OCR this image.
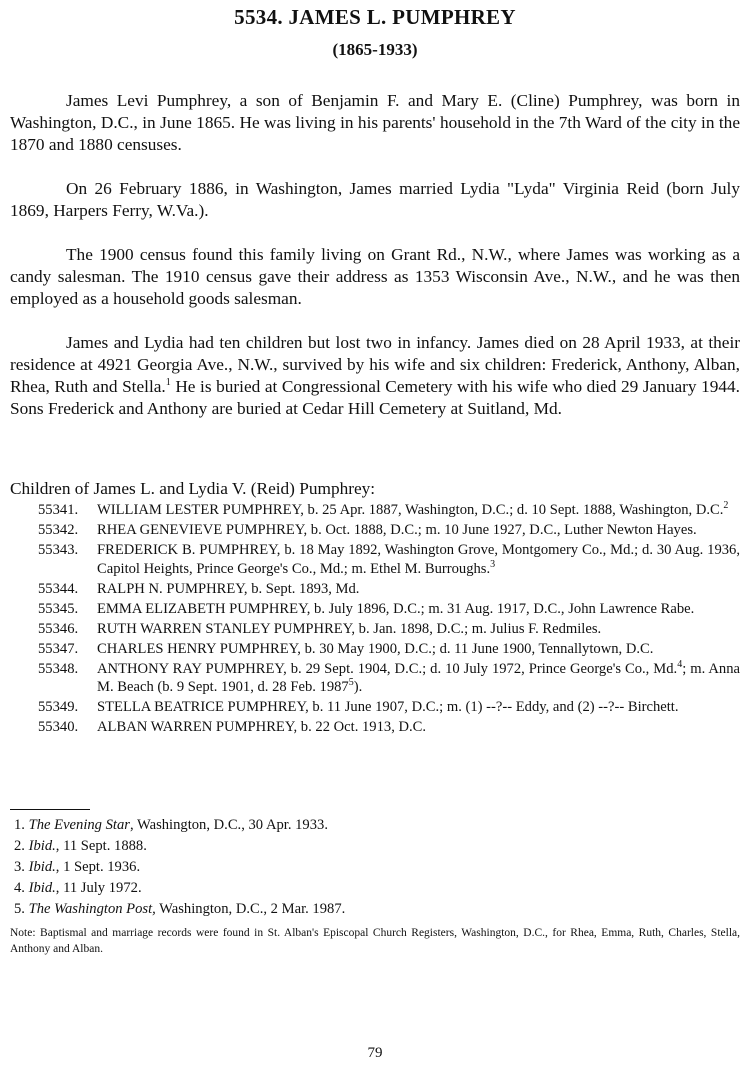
5534. JAMES L. PUMPHREY
(1865-1933)

James Levi Pumphrey, a son of Benjamin F. and Mary E. (Cline) Pumphrey, was born in Washington, D.C., in June 1865. He was living in his parents' household in the 7th Ward of the city in the 1870 and 1880 censuses.

On 26 February 1886, in Washington, James married Lydia "Lyda" Virginia Reid (born July 1869, Harpers Ferry, W.Va.).

The 1900 census found this family living on Grant Rd., N.W., where James was working as a candy salesman. The 1910 census gave their address as 1353 Wisconsin Ave., N.W., and he was then employed as a household goods salesman.

James and Lydia had ten children but lost two in infancy. James died on 28 April 1933, at their residence at 4921 Georgia Ave., N.W., survived by his wife and six children: Frederick, Anthony, Alban, Rhea, Ruth and Stella.$^1$ He is buried at Congressional Cemetery with his wife who died 29 January 1944. Sons Frederick and Anthony are buried at Cedar Hill Cemetery at Suitland, Md.

Children of James L. and Lydia V. (Reid) Pumphrey:
55341.	WILLIAM LESTER PUMPHREY, b. 25 Apr. 1887, Washington, D.C.; d. 10 Sept. 1888, Washington, D.C.$^2$
55342.	RHEA GENEVIEVE PUMPHREY, b. Oct. 1888, D.C.; m. 10 June 1927, D.C., Luther Newton Hayes.
55343.	FREDERICK B. PUMPHREY, b. 18 May 1892, Washington Grove, Montgomery Co., Md.; d. 30 Aug. 1936, Capitol Heights, Prince George's Co., Md.; m. Ethel M. Burroughs.$^3$
55344.	RALPH N. PUMPHREY, b. Sept. 1893, Md.
55345.	EMMA ELIZABETH PUMPHREY, b. July 1896, D.C.; m. 31 Aug. 1917, D.C., John Lawrence Rabe.
55346.	RUTH WARREN STANLEY PUMPHREY, b. Jan. 1898, D.C.; m. Julius F. Redmiles.
55347.	CHARLES HENRY PUMPHREY, b. 30 May 1900, D.C.; d. 11 June 1900, Tennallytown, D.C.
55348.	ANTHONY RAY PUMPHREY, b. 29 Sept. 1904, D.C.; d. 10 July 1972, Prince George's Co., Md.$^4$; m. Anna M. Beach (b. 9 Sept. 1901, d. 28 Feb. 1987$^5$).
55349.	STELLA BEATRICE PUMPHREY, b. 11 June 1907, D.C.; m. (1) --?-- Eddy, and (2) --?-- Birchett.
55340.	ALBAN WARREN PUMPHREY, b. 22 Oct. 1913, D.C.
1. The Evening Star, Washington, D.C., 30 Apr. 1933.
2. Ibid., 11 Sept. 1888.
3. Ibid., 1 Sept. 1936.
4. Ibid., 11 July 1972.
5. The Washington Post, Washington, D.C., 2 Mar. 1987.
Note: Baptismal and marriage records were found in St. Alban's Episcopal Church Registers, Washington, D.C., for Rhea, Emma, Ruth, Charles, Stella, Anthony and Alban.
79
